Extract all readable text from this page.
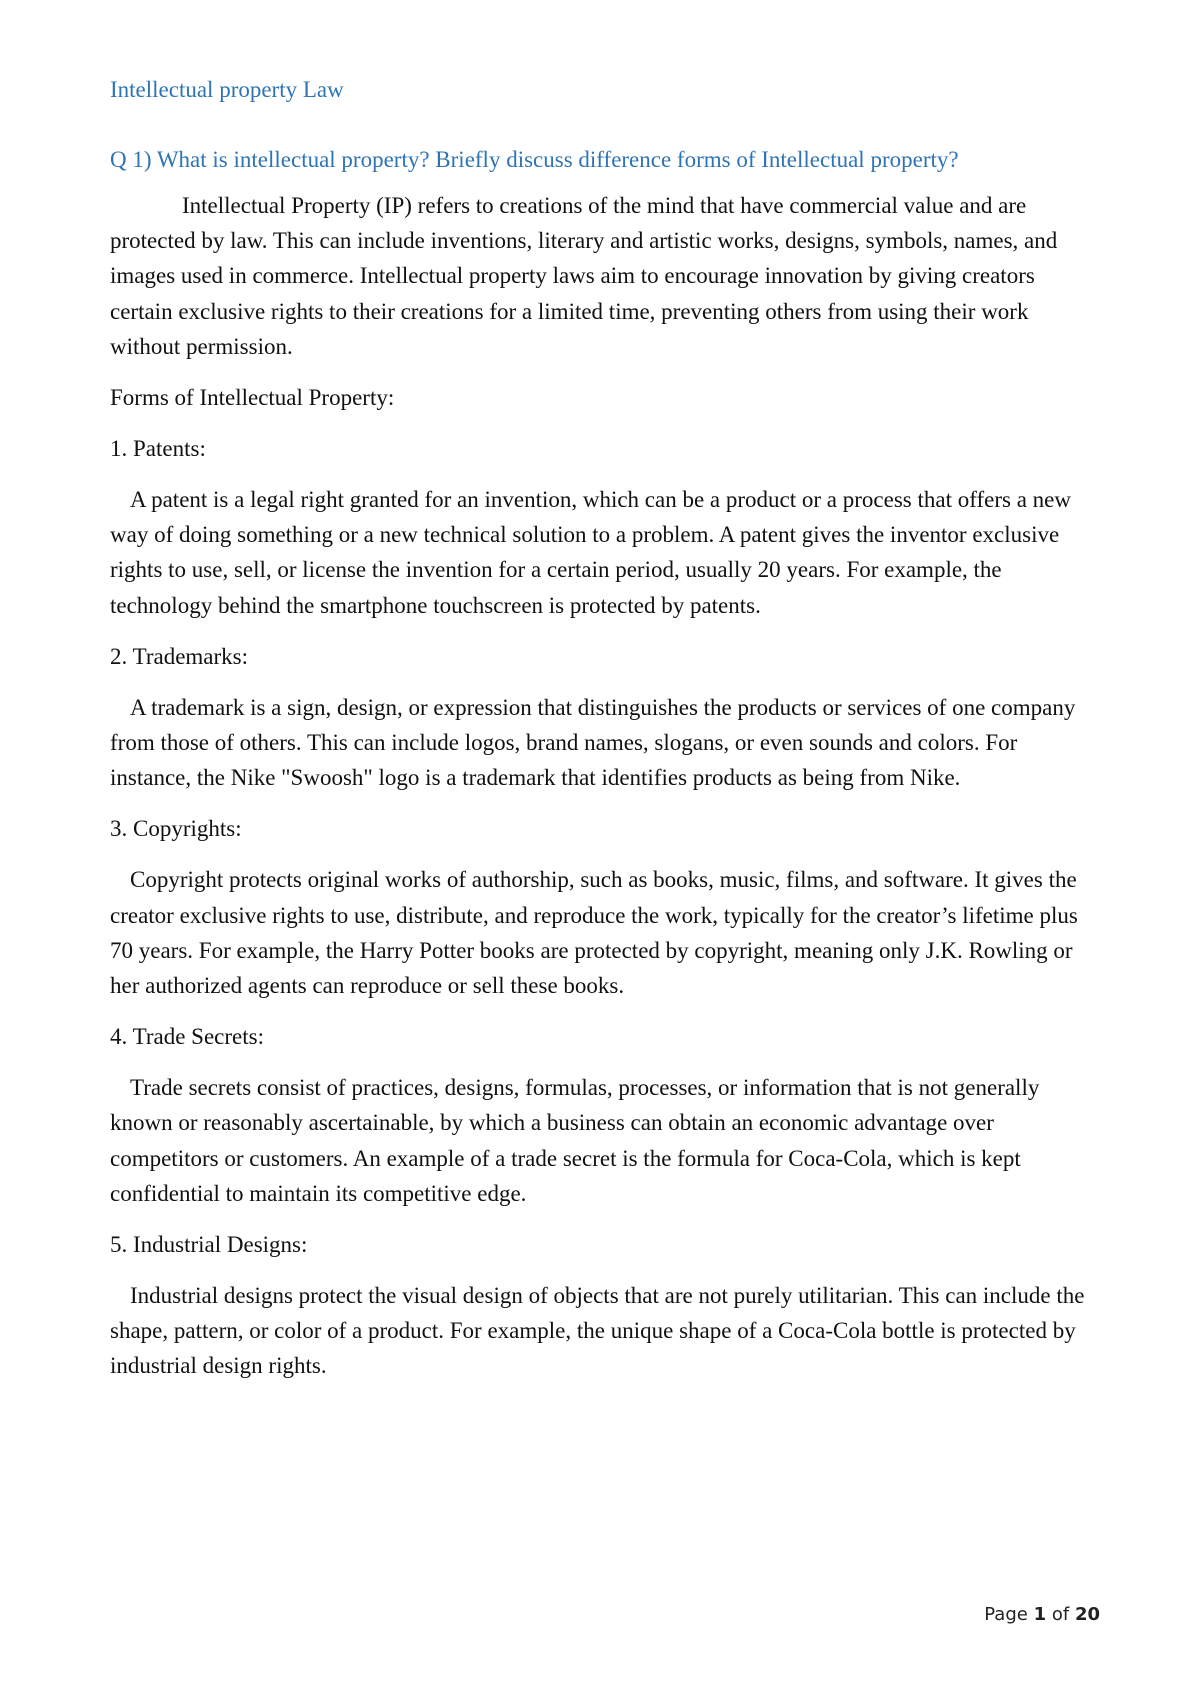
Intellectual property Law
Q 1) What is intellectual property? Briefly discuss difference forms of Intellectual property?

Intellectual Property (IP) refers to creations of the mind that have commercial value and are protected by law. This can include inventions, literary and artistic works, designs, symbols, names, and images used in commerce. Intellectual property laws aim to encourage innovation by giving creators certain exclusive rights to their creations for a limited time, preventing others from using their work without permission.

Forms of Intellectual Property:

1. Patents:

A patent is a legal right granted for an invention, which can be a product or a process that offers a new way of doing something or a new technical solution to a problem. A patent gives the inventor exclusive rights to use, sell, or license the invention for a certain period, usually 20 years. For example, the technology behind the smartphone touchscreen is protected by patents.

2. Trademarks:

A trademark is a sign, design, or expression that distinguishes the products or services of one company from those of others. This can include logos, brand names, slogans, or even sounds and colors. For instance, the Nike "Swoosh" logo is a trademark that identifies products as being from Nike.

3. Copyrights:

Copyright protects original works of authorship, such as books, music, films, and software. It gives the creator exclusive rights to use, distribute, and reproduce the work, typically for the creator’s lifetime plus 70 years. For example, the Harry Potter books are protected by copyright, meaning only J.K. Rowling or her authorized agents can reproduce or sell these books.

4. Trade Secrets:

Trade secrets consist of practices, designs, formulas, processes, or information that is not generally known or reasonably ascertainable, by which a business can obtain an economic advantage over competitors or customers. An example of a trade secret is the formula for Coca-Cola, which is kept confidential to maintain its competitive edge.

5. Industrial Designs:

Industrial designs protect the visual design of objects that are not purely utilitarian. This can include the shape, pattern, or color of a product. For example, the unique shape of a Coca-Cola bottle is protected by industrial design rights.

Page 1 of 20
